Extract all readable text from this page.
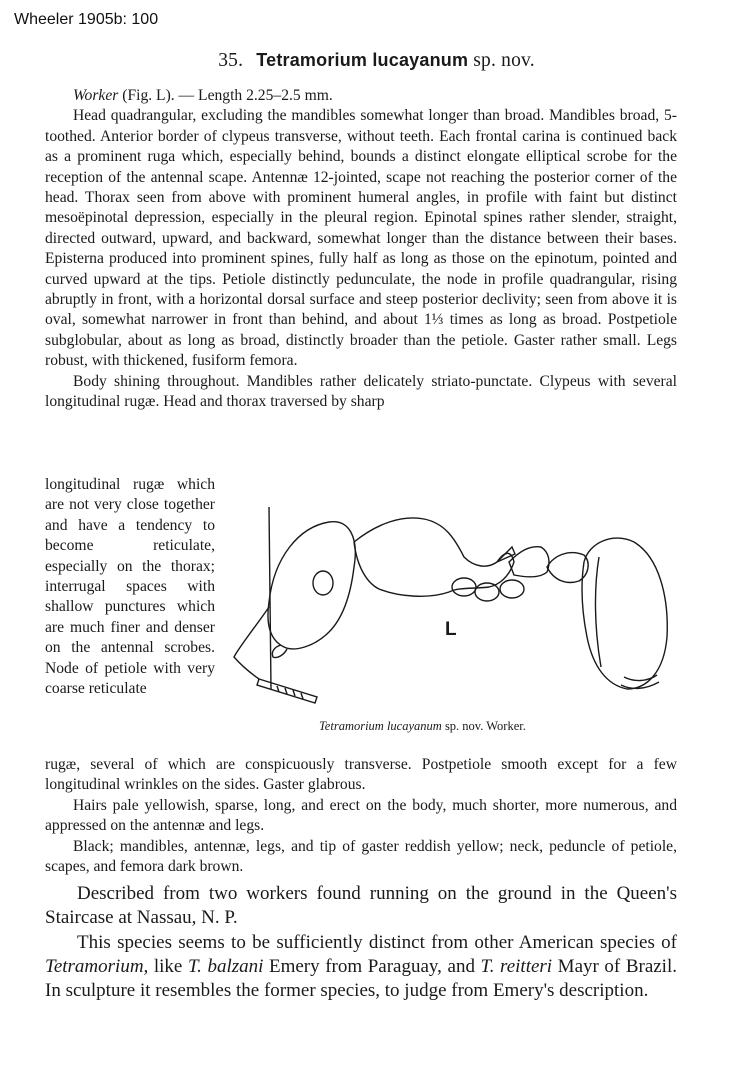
Wheeler 1905b: 100
35. Tetramorium lucayanum sp. nov.

Worker (Fig. L). — Length 2.25–2.5 mm.

Head quadrangular, excluding the mandibles somewhat longer than broad. Mandibles broad, 5-toothed. Anterior border of clypeus transverse, without teeth. Each frontal carina is continued back as a prominent ruga which, especially behind, bounds a distinct elongate elliptical scrobe for the reception of the antennal scape. Antennæ 12-jointed, scape not reaching the posterior corner of the head. Thorax seen from above with prominent humeral angles, in profile with faint but distinct mesoëpinotal depression, especially in the pleural region. Epinotal spines rather slender, straight, directed outward, upward, and backward, somewhat longer than the distance between their bases. Episterna produced into prominent spines, fully half as long as those on the epinotum, pointed and curved upward at the tips. Petiole distinctly pedunculate, the node in profile quadrangular, rising abruptly in front, with a horizontal dorsal surface and steep posterior declivity; seen from above it is oval, somewhat narrower in front than behind, and about 1⅓ times as long as broad. Postpetiole subglobular, about as long as broad, distinctly broader than the petiole. Gaster rather small. Legs robust, with thickened, fusiform femora.

Body shining throughout. Mandibles rather delicately striato-punctate. Clypeus with several longitudinal rugæ. Head and thorax traversed by sharp

longitudinal rugæ which are not very close together and have a tendency to become reticulate, especially on the thorax; interrugal spaces with shallow punctures which are much finer and denser on the antennal scrobes. Node of petiole with very coarse reticulate
L
Tetramorium lucayanum sp. nov. Worker.

rugæ, several of which are conspicuously transverse. Postpetiole smooth except for a few longitudinal wrinkles on the sides. Gaster glabrous.

Hairs pale yellowish, sparse, long, and erect on the body, much shorter, more numerous, and appressed on the antennæ and legs.

Black; mandibles, antennæ, legs, and tip of gaster reddish yellow; neck, peduncle of petiole, scapes, and femora dark brown.

Described from two workers found running on the ground in the Queen's Staircase at Nassau, N. P.

This species seems to be sufficiently distinct from other American species of Tetramorium, like T. balzani Emery from Paraguay, and T. reitteri Mayr of Brazil. In sculpture it resembles the former species, to judge from Emery's description.
